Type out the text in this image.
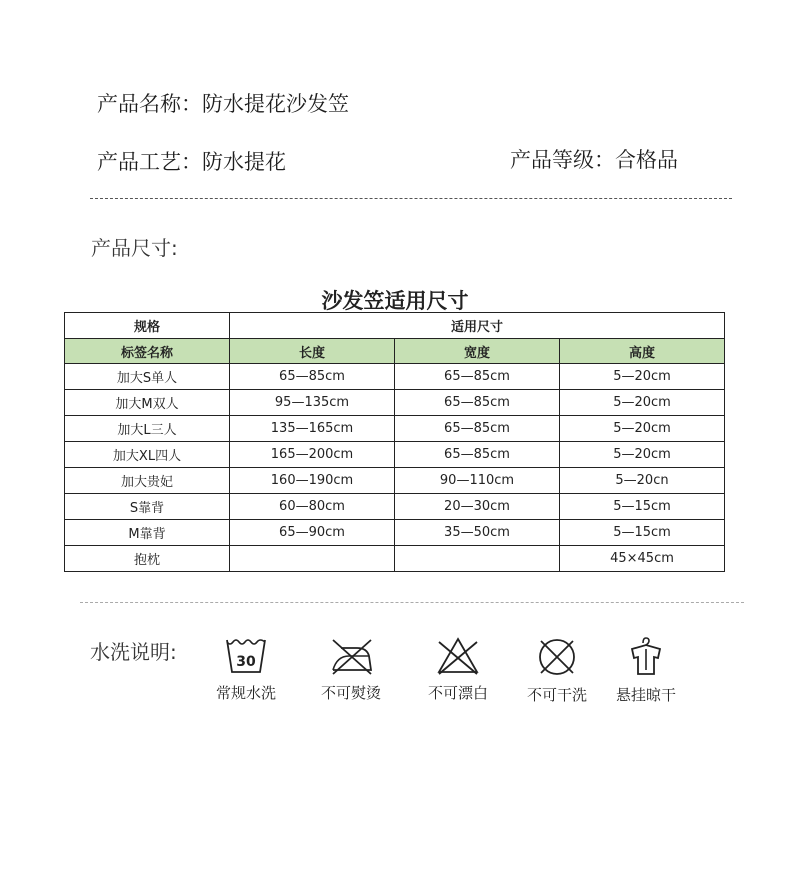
产品名称：防水提花沙发笠
产品工艺：防水提花	产品等级：合格品
产品尺寸:
沙发笠适用尺寸
规格	适用尺寸		
标签名称	长度	宽度	高度
加大S单人	65—85cm	65—85cm	5—20cm
加大M双人	95—135cm	65—85cm	5—20cm
加大L三人	135—165cm	65—85cm	5—20cm
加大XL四人	165—200cm	65—85cm	5—20cm
加大贵妃	160—190cm	90—110cm	5—20cn
S靠背	60—80cm	20—30cm	5—15cm
M靠背	65—90cm	35—50cm	5—15cm
抱枕			45×45cm
水洗说明:	30
常规水洗	不可熨烫	不可漂白	不可干洗	悬挂晾干
